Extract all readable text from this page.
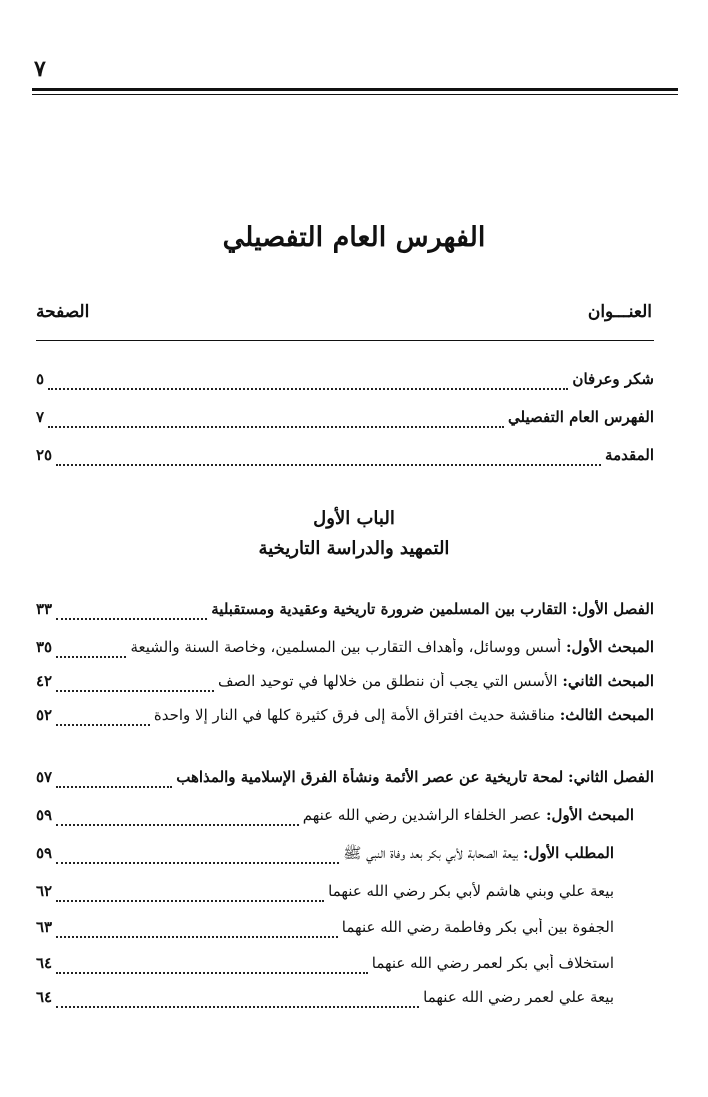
٧
الفهرس العام التفصيلي
العنـــوان
الصفحة
شكر وعرفان
٥
الفهرس العام التفصيلي
٧
المقدمة
٢٥
الباب الأول
التمهيد والدراسة التاريخية
الفصل الأول: التقارب بين المسلمين ضرورة تاريخية وعقيدية ومستقبلية
٣٣
المبحث الأول: أسس ووسائل، وأهداف التقارب بين المسلمين، وخاصة السنة والشيعة
٣٥
المبحث الثاني: الأسس التي يجب أن ننطلق من خلالها في توحيد الصف
٤٢
المبحث الثالث: مناقشة حديث افتراق الأمة إلى فرق كثيرة كلها في النار إلا واحدة
٥٢
الفصل الثاني: لمحة تاريخية عن عصر الأئمة ونشأة الفرق الإسلامية والمذاهب
٥٧
المبحث الأول: عصر الخلفاء الراشدين رضي الله عنهم
٥٩
المطلب الأول: بيعة الصحابة لأبي بكر بعد وفاة النبي ﷺ
٥٩
بيعة علي وبني هاشم لأبي بكر رضي الله عنهما
٦٢
الجفوة بين أبي بكر وفاطمة رضي الله عنهما
٦٣
استخلاف أبي بكر لعمر رضي الله عنهما
٦٤
بيعة علي لعمر رضي الله عنهما
٦٤
